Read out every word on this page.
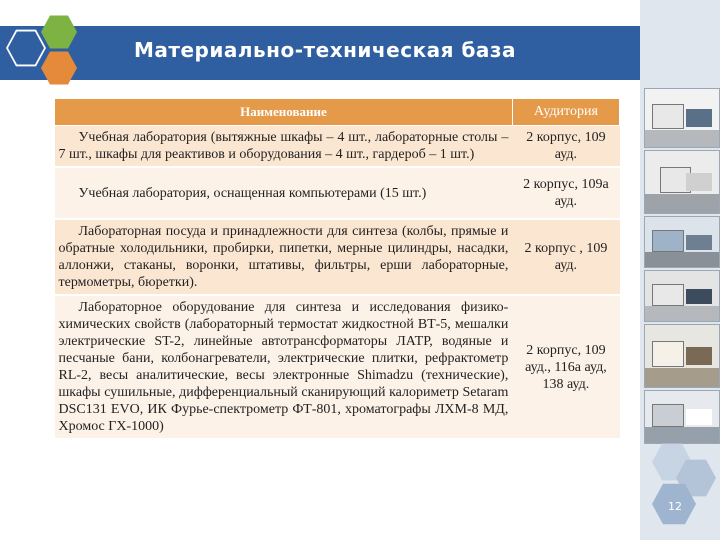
Материально-техническая база
Наименование	Аудитория
Учебная лаборатория (вытяжные шкафы – 4 шт., лабораторные столы – 7 шт., шкафы для реактивов и оборудования – 4 шт., гардероб – 1 шт.)	2 корпус, 109 ауд.
Учебная лаборатория, оснащенная компьютерами (15 шт.)	2 корпус, 109а ауд.
Лабораторная посуда и принадлежности для синтеза (колбы, прямые и обратные холодильники, пробирки, пипетки, мерные цилиндры, насадки, аллонжи, стаканы, воронки, штативы, фильтры, ерши лабораторные, термометры, бюретки).	2 корпус , 109 ауд.
Лабораторное оборудование для синтеза и исследования физико-химических свойств (лабораторный термостат жидкостной ВТ-5, мешалки электрические ST-2, линейные автотрансформаторы ЛАТР, водяные и песчаные бани, колбонагреватели, электрические плитки, рефрактометр RL-2, весы аналитические, весы электронные Shimadzu (технические), шкафы сушильные, дифференциальный сканирующий калориметр Setaram DSC131 EVO, ИК Фурье-спектрометр ФТ-801, хроматографы ЛХМ-8 МД, Хромос ГХ-1000)	2 корпус, 109 ауд., 116а ауд, 138 ауд.
12
